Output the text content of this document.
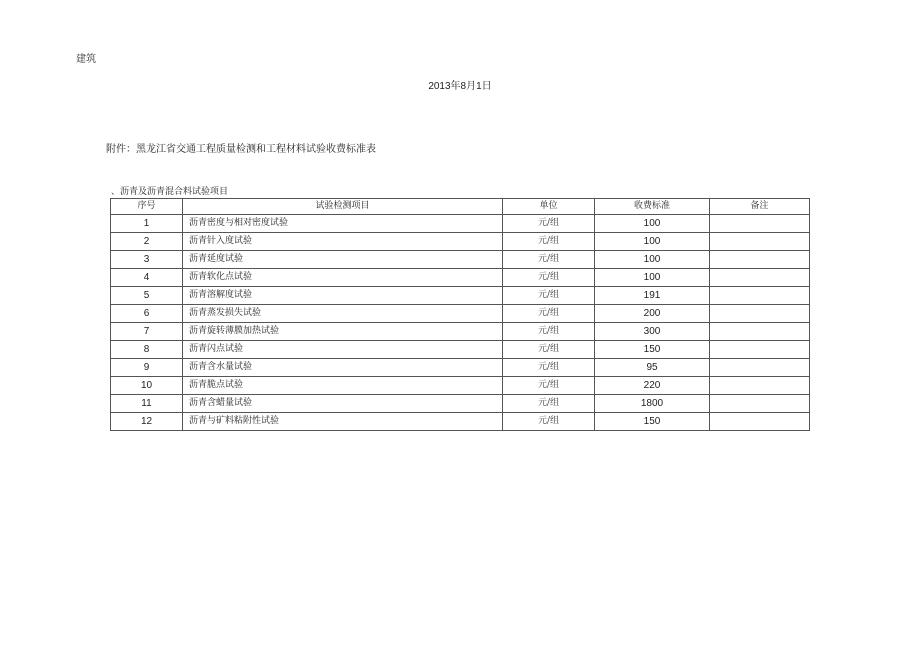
建筑
2013年8月1日
附件：黑龙江省交通工程质量检测和工程材料试验收费标准表
、沥青及沥青混合料试验项目
序号	试验检测项目	单位	收费标准	备注
1	沥青密度与相对密度试验	元/组	100	
2	沥青针入度试验	元/组	100	
3	沥青延度试验	元/组	100	
4	沥青软化点试验	元/组	100	
5	沥青溶解度试验	元/组	191	
6	沥青蒸发损失试验	元/组	200	
7	沥青旋转薄膜加热试验	元/组	300	
8	沥青闪点试验	元/组	150	
9	沥青含水量试验	元/组	95	
10	沥青脆点试验	元/组	220	
11	沥青含蜡量试验	元/组	1800	
12	沥青与矿料粘附性试验	元/组	150	
